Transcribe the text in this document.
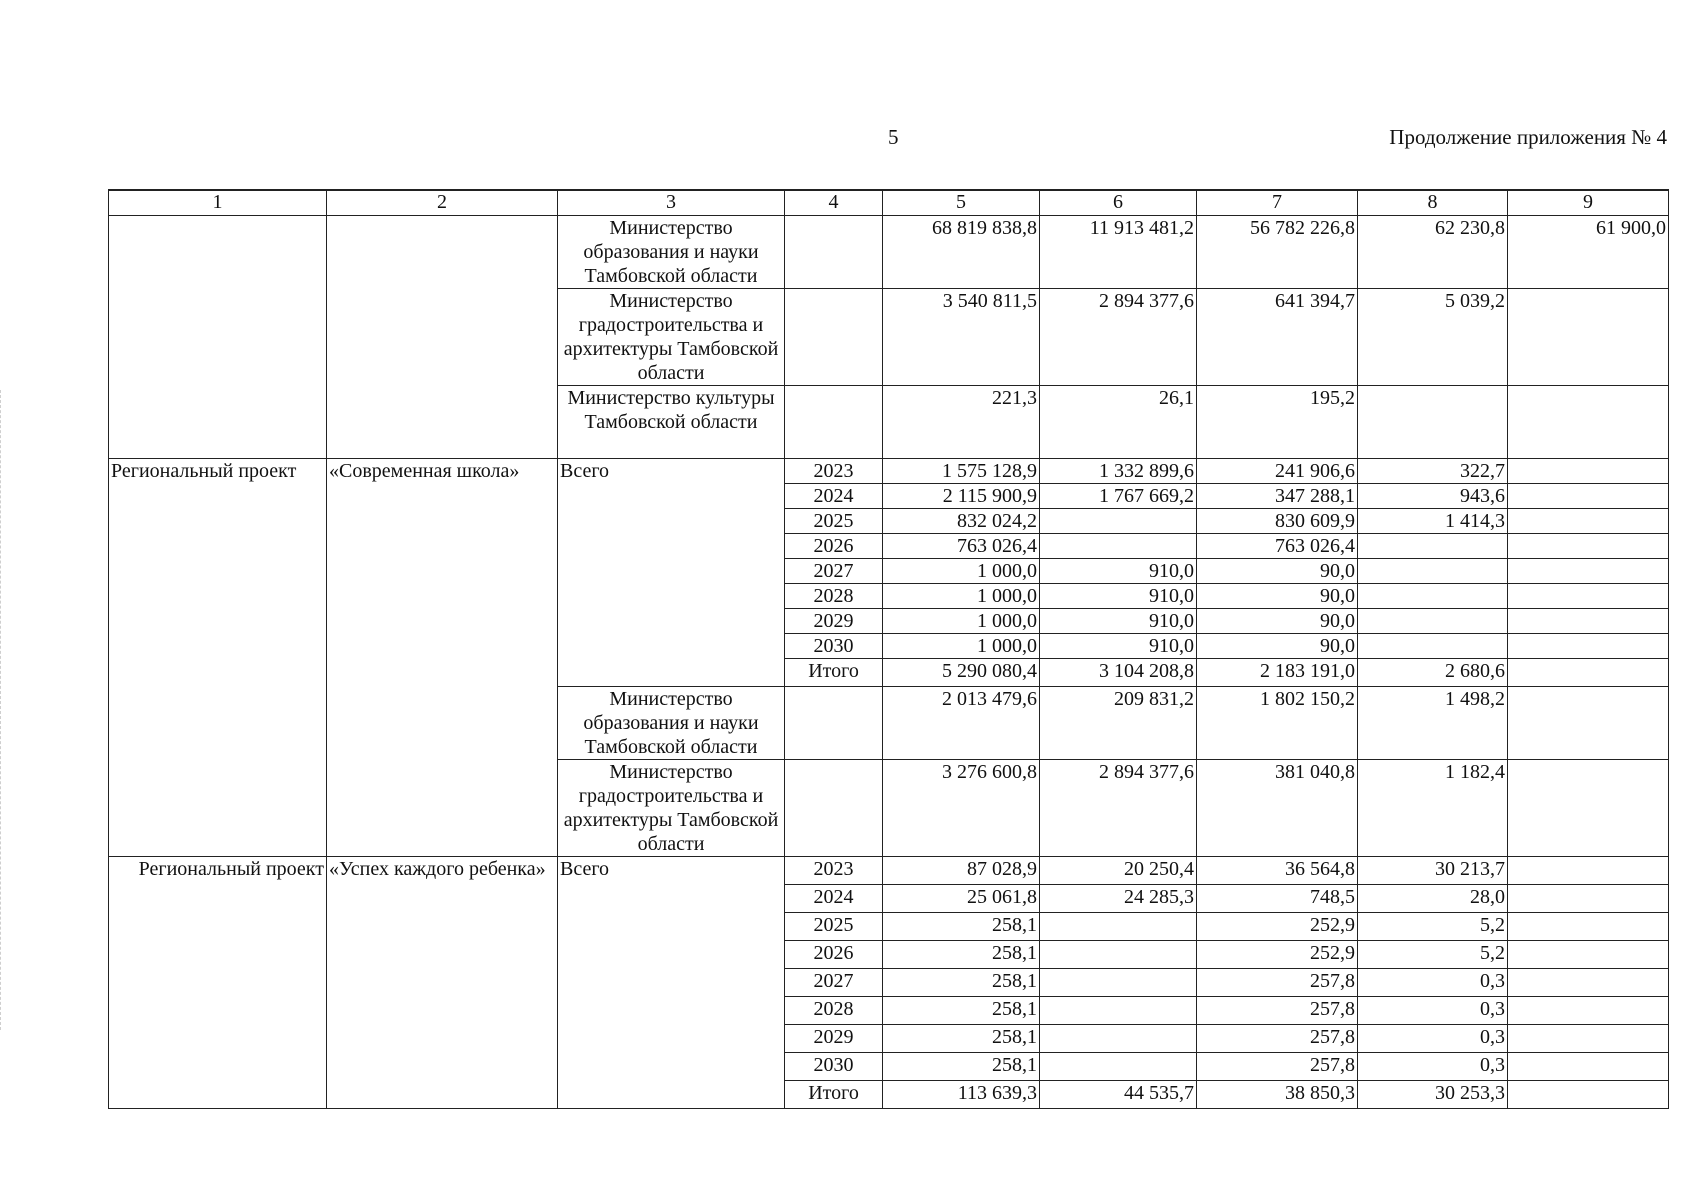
5	Продолжение приложения № 4
1	2	3	4	5	6	7	8	9
		Министерство образования и науки Тамбовской области		68 819 838,8	11 913 481,2	56 782 226,8	62 230,8	61 900,0
		Министерство градостроительства и архитектуры Тамбовской области		3 540 811,5	2 894 377,6	641 394,7	5 039,2	
		Министерство культуры Тамбовской области		221,3	26,1	195,2		
Региональный проект	«Современная школа»	Всего	2023	1 575 128,9	1 332 899,6	241 906,6	322,7	
			2024	2 115 900,9	1 767 669,2	347 288,1	943,6	
			2025	832 024,2		830 609,9	1 414,3	
			2026	763 026,4		763 026,4		
			2027	1 000,0	910,0	90,0		
			2028	1 000,0	910,0	90,0		
			2029	1 000,0	910,0	90,0		
			2030	1 000,0	910,0	90,0		
			Итого	5 290 080,4	3 104 208,8	2 183 191,0	2 680,6	
		Министерство образования и науки Тамбовской области		2 013 479,6	209 831,2	1 802 150,2	1 498,2	
		Министерство градостроительства и архитектуры Тамбовской области		3 276 600,8	2 894 377,6	381 040,8	1 182,4	
Региональный проект	«Успех каждого ребенка»	Всего	2023	87 028,9	20 250,4	36 564,8	30 213,7	
			2024	25 061,8	24 285,3	748,5	28,0	
			2025	258,1		252,9	5,2	
			2026	258,1		252,9	5,2	
			2027	258,1		257,8	0,3	
			2028	258,1		257,8	0,3	
			2029	258,1		257,8	0,3	
			2030	258,1		257,8	0,3	
			Итого	113 639,3	44 535,7	38 850,3	30 253,3	
